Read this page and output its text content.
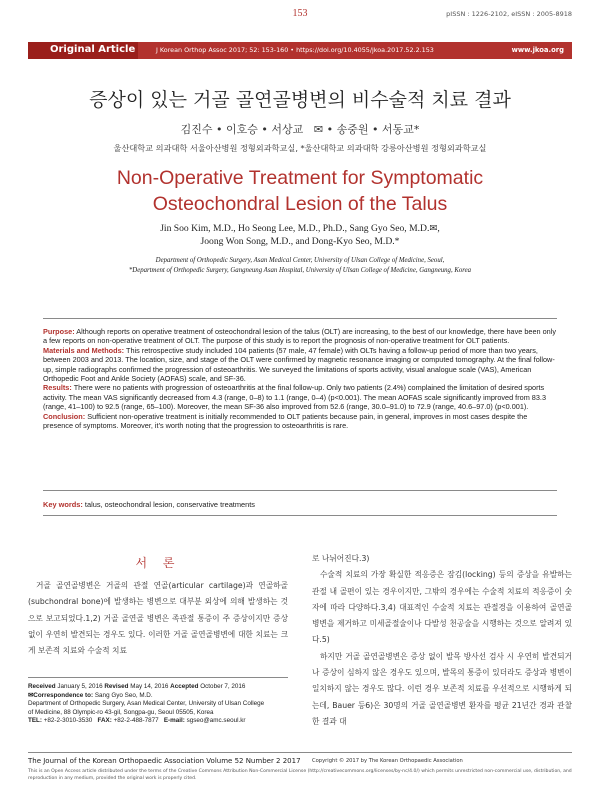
153	pISSN : 1226-2102, eISSN : 2005-8918
Original Article	J Korean Orthop Assoc 2017; 52: 153-160 • https://doi.org/10.4055/jkoa.2017.52.2.153	www.jkoa.org
증상이 있는 거골 골연골병변의 비수술적 치료 결과
김진수 • 이호승 • 서상교ᅟ✉ • 송중원 • 서동교*
울산대학교 의과대학 서울아산병원 정형외과학교실, *울산대학교 의과대학 강릉아산병원 정형외과학교실
Non-Operative Treatment for Symptomatic
Osteochondral Lesion of the Talus
Jin Soo Kim, M.D., Ho Seong Lee, M.D., Ph.D., Sang Gyo Seo, M.D.✉,
Joong Won Song, M.D., and Dong-Kyo Seo, M.D.*
Department of Orthopedic Surgery, Asan Medical Center, University of Ulsan College of Medicine, Seoul,
*Department of Orthopedic Surgery, Gangneung Asan Hospital, University of Ulsan College of Medicine, Gangneung, Korea

Purpose: Although reports on operative treatment of osteochondral lesion of the talus (OLT) are increasing, to the best of our knowledge, there have been only a few reports on non-operative treatment of OLT. The purpose of this study is to report the prognosis of non-operative treatment for OLT patients.

Materials and Methods: This retrospective study included 104 patients (57 male, 47 female) with OLTs having a follow-up period of more than two years, between 2003 and 2013. The location, size, and stage of the OLT were confirmed by magnetic resonance imaging or computed tomography. At the final follow-up, simple radiographs confirmed the progression of osteoarthritis. We surveyed the limitations of sports activity, visual analogue scale (VAS), American Orthopedic Foot and Ankle Society (AOFAS) scale, and SF-36.

Results: There were no patients with progression of osteoarthritis at the final follow-up. Only two patients (2.4%) complained the limitation of desired sports activity. The mean VAS significantly decreased from 4.3 (range, 0–8) to 1.1 (range, 0–4) (p<0.001). The mean AOFAS scale significantly improved from 83.3 (range, 41–100) to 92.5 (range, 65–100). Moreover, the mean SF-36 also improved from 52.6 (range, 30.0–91.0) to 72.9 (range, 40.6–97.0) (p<0.001).

Conclusion: Sufficient non-operative treatment is initially recommended to OLT patients because pain, in general, improves in most cases despite the presence of symptoms. Moreover, it's worth noting that the progression to osteoarthritis is rare.

Key words: talus, osteochondral lesion, conservative treatments
서 론

거골 골연골병변은 거골의 관절 연골(articular cartilage)과 연골하골(subchondral bone)에 발생하는 병변으로 대부분 외상에 의해 발생하는 것으로 보고되었다.1,2) 거골 골연골 병변은 족관절 통증이 주 증상이지만 증상 없이 우연히 발견되는 경우도 있다. 이러한 거골 골연골병변에 대한 치료는 크게 보존적 치료와 수술적 치료

로 나뉘어진다.3)

수술적 치료의 가장 확실한 적응증은 잠김(locking) 등의 증상을 유발하는 관절 내 골편이 있는 경우이지만, 그밖의 경우에는 수술적 치료의 적응증이 숫자에 따라 다양하다.3,4) 대표적인 수술적 치료는 관절경을 이용하여 골연골 병변을 제거하고 미세골절술이나 다발성 천공술을 시행하는 것으로 알려져 있다.5)

하지만 거골 골연골병변은 증상 없이 발목 방사선 검사 시 우연히 발견되거나 증상이 심하지 않은 경우도 있으며, 발목의 통증이 있더라도 증상과 병변이 일치하지 않는 경우도 많다. 이런 경우 보존적 치료를 우선적으로 시행하게 되는데, Bauer 등6)은 30명의 거골 골연골병변 환자를 평균 21년간 경과 관찰한 결과 대

Received January 5, 2016 Revised May 14, 2016 Accepted October 7, 2016
✉Correspondence to: Sang Gyo Seo, M.D.
Department of Orthopedic Surgery, Asan Medical Center, University of Ulsan College
of Medicine, 88 Olympic-ro 43-gil, Songpa-gu, Seoul 05505, Korea
TEL: +82-2-3010-3530 FAX: +82-2-488-7877 E-mail: sgseo@amc.seoul.kr
The Journal of the Korean Orthopaedic Association Volume 52 Number 2 2017 Copyright © 2017 by The Korean Orthopaedic Association
This is an Open Access article distributed under the terms of the Creative Commons Attribution Non-Commercial License (http://creativecommons.org/licenses/by-nc/4.0/) which permits unrestricted non-commercial use, distribution, and reproduction in any medium, provided the original work is properly cited.
